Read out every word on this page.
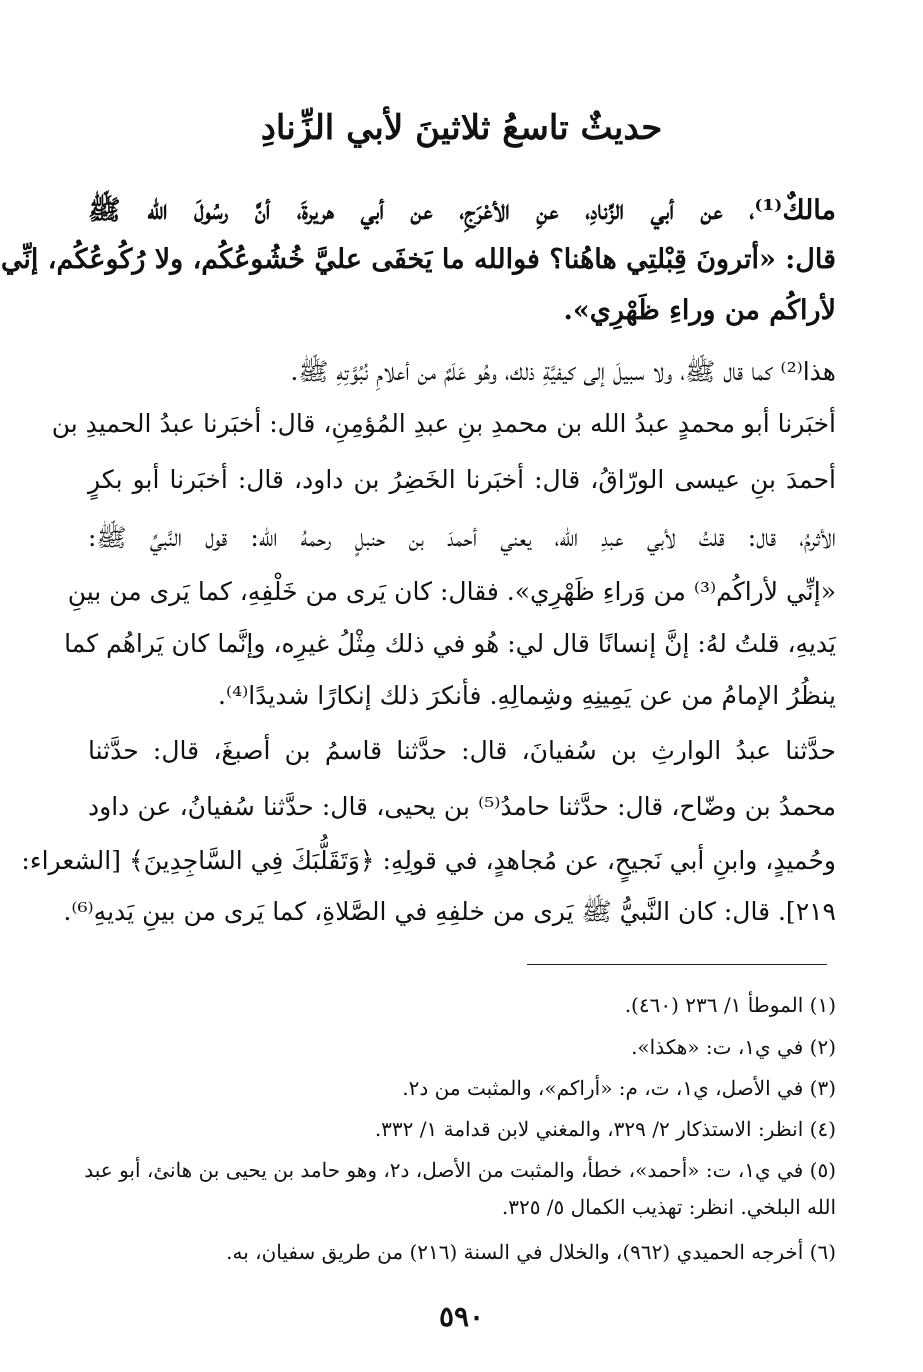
حديثٌ تاسعُ ثلاثينَ لأبي الزِّنادِ
مالكٌ⁽¹⁾، عن أبي الزِّنادِ، عنِ الأعْرَجِ، عن أبي هريرةَ، أنَّ رسُولَ الله ﷺ
قال: «أترونَ قِبْلتِي هاهُنا؟ فوالله ما يَخفَى عليَّ خُشُوعُكُم، ولا رُكُوعُكُم، إنِّي
لأراكُم من وراءِ ظَهْرِي».
هذا⁽²⁾ كما قال ﷺ، ولا سبيلَ إلى كيفيَّةِ ذلك، وهُو عَلَمٌ من أعلامِ نُبُوَّتِهِ ﷺ.
أخبَرنا أبو محمدٍ عبدُ الله بن محمدِ بنِ عبدِ المُؤمِنِ، قال: أخبَرنا عبدُ الحميدِ بن
أحمدَ بنِ عيسى الورّاقُ، قال: أخبَرنا الخَضِرُ بن داود، قال: أخبَرنا أبو بكرٍ
الأثرمُ، قال: قلتُ لأبي عبدِ الله، يعني أحمدَ بن حنبلٍ رحمهُ الله: قول النَّبيِّ ﷺ:
«إنِّي لأراكُم⁽³⁾ من وَراءِ ظَهْرِي». فقال: كان يَرى من خَلْفِهِ، كما يَرى من بينِ
يَديهِ، قلتُ لهُ: إنَّ إنسانًا قال لي: هُو في ذلك مِثْلُ غيرِه، وإنَّما كان يَراهُم كما
ينظُرُ الإمامُ من عن يَمِينِهِ وشِمالِهِ. فأنكرَ ذلك إنكارًا شديدًا⁽⁴⁾.
حدَّثنا عبدُ الوارثِ بن سُفيانَ، قال: حدَّثنا قاسمُ بن أصبغَ، قال: حدَّثنا
محمدُ بن وضّاح، قال: حدَّثنا حامدُ⁽⁵⁾ بن يحيى، قال: حدَّثنا سُفيانُ، عن داود
وحُميدٍ، وابنِ أبي نَجيحٍ، عن مُجاهدٍ، في قولِهِ: ﴿وَتَقَلُّبَكَ فِي السَّاجِدِينَ﴾ [الشعراء:
٢١٩]. قال: كان النَّبيُّ ﷺ يَرى من خلفِهِ في الصَّلاةِ، كما يَرى من بينِ يَديهِ⁽⁶⁾.
(١) الموطأ ١/ ٢٣٦ (٤٦٠).
(٢) في ي١، ت: «هكذا».
(٣) في الأصل، ي١، ت، م: «أراكم»، والمثبت من د٢.
(٤) انظر: الاستذكار ٢/ ٣٢٩، والمغني لابن قدامة ١/ ٣٣٢.
(٥) في ي١، ت: «أحمد»، خطأ، والمثبت من الأصل، د٢، وهو حامد بن يحيى بن هانئ، أبو عبد
الله البلخي. انظر: تهذيب الكمال ٥/ ٣٢٥.
(٦) أخرجه الحميدي (٩٦٢)، والخلال في السنة (٢١٦) من طريق سفيان، به.
٥٩٠
